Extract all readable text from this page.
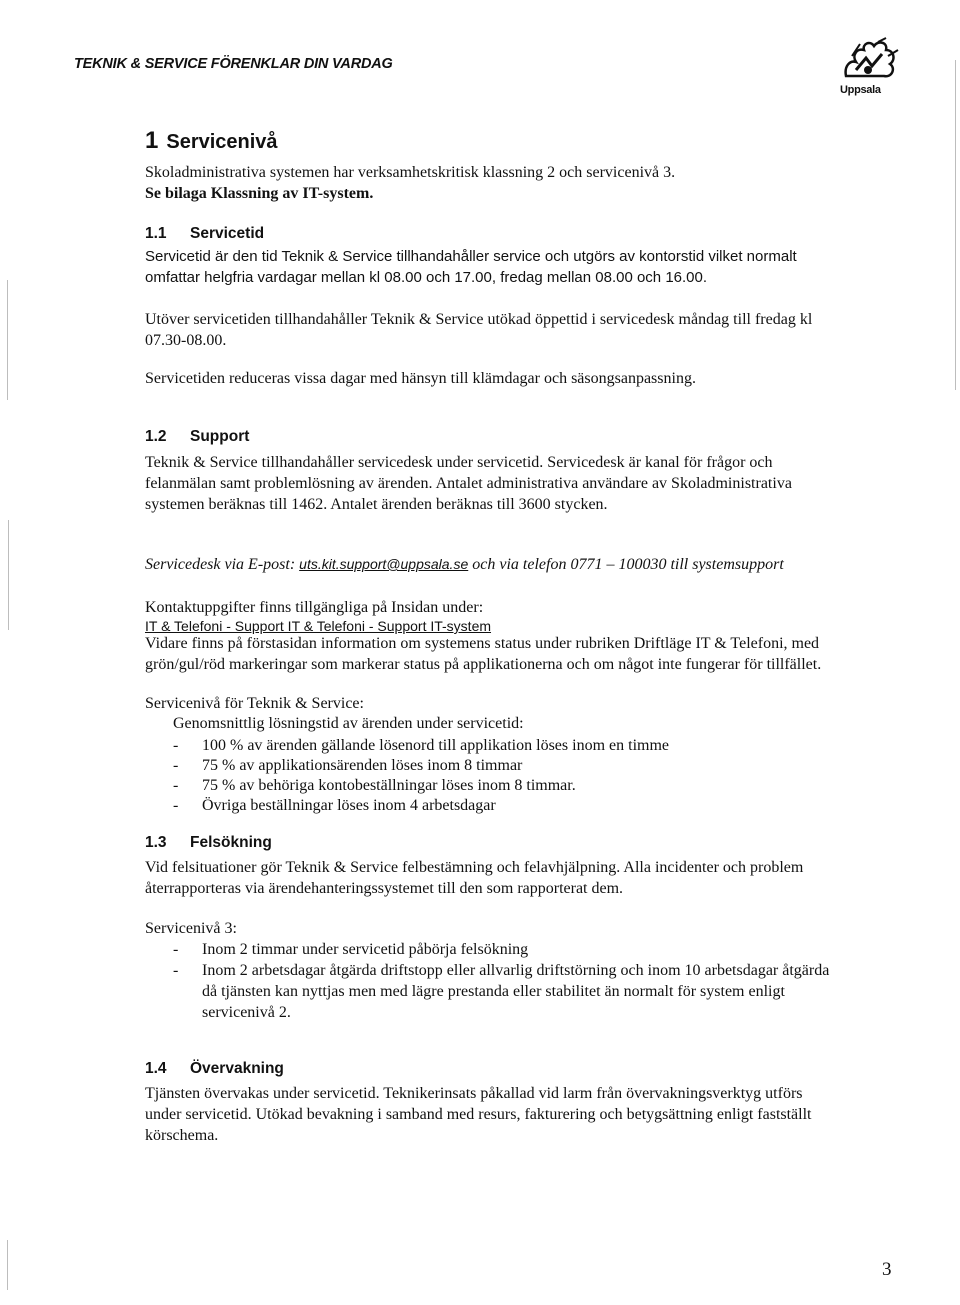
TEKNIK & SERVICE FÖRENKLAR DIN VARDAG
Uppsala
1 Servicenivå
Skoladministrativa systemen har verksamhetskritisk klassning 2 och servicenivå 3.
Se bilaga Klassning av IT-system.
1.1 Servicetid
Servicetid är den tid Teknik & Service tillhandahåller service och utgörs av kontorstid vilket normalt
omfattar helgfria vardagar mellan kl 08.00 och 17.00, fredag mellan 08.00 och 16.00.
Utöver servicetiden tillhandahåller Teknik & Service utökad öppettid i servicedesk måndag till fredag kl
07.30-08.00.
Servicetiden reduceras vissa dagar med hänsyn till klämdagar och säsongsanpassning.
1.2 Support
Teknik & Service tillhandahåller servicedesk under servicetid. Servicedesk är kanal för frågor och
felanmälan samt problemlösning av ärenden. Antalet administrativa användare av Skoladministrativa
systemen beräknas till 1462. Antalet ärenden beräknas till 3600 stycken.
Servicedesk via E-post: uts.kit.support@uppsala.se och via telefon 0771 – 100030 till systemsupport
Kontaktuppgifter finns tillgängliga på Insidan under:
IT & Telefoni - Support IT & Telefoni - Support IT-system
Vidare finns på förstasidan information om systemens status under rubriken Driftläge IT & Telefoni, med
grön/gul/röd markeringar som markerar status på applikationerna och om något inte fungerar för tillfället.
Servicenivå för Teknik & Service:
Genomsnittlig lösningstid av ärenden under servicetid:
- 100 % av ärenden gällande lösenord till applikation löses inom en timme
- 75 % av applikationsärenden löses inom 8 timmar
- 75 % av behöriga kontobeställningar löses inom 8 timmar.
- Övriga beställningar löses inom 4 arbetsdagar
1.3 Felsökning
Vid felsituationer gör Teknik & Service felbestämning och felavhjälpning. Alla incidenter och problem
återrapporteras via ärendehanteringssystemet till den som rapporterat dem.
Servicenivå 3:
- Inom 2 timmar under servicetid påbörja felsökning
- Inom 2 arbetsdagar åtgärda driftstopp eller allvarlig driftstörning och inom 10 arbetsdagar åtgärda
då tjänsten kan nyttjas men med lägre prestanda eller stabilitet än normalt för system enligt
servicenivå 2.
1.4 Övervakning
Tjänsten övervakas under servicetid. Teknikerinsats påkallad vid larm från övervakningsverktyg utförs
under servicetid. Utökad bevakning i samband med resurs, fakturering och betygsättning enligt fastställt
körschema.
3
